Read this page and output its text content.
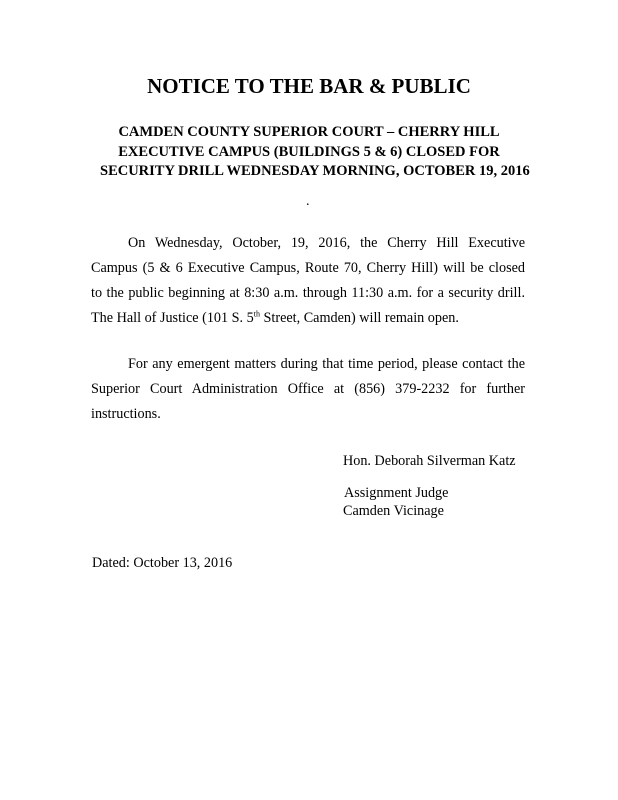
NOTICE TO THE BAR & PUBLIC
CAMDEN COUNTY SUPERIOR COURT – CHERRY HILL
EXECUTIVE CAMPUS (BUILDINGS 5 & 6) CLOSED FOR
SECURITY DRILL WEDNESDAY MORNING, OCTOBER 19, 2016
.
On Wednesday, October, 19, 2016, the Cherry Hill Executive
Campus (5 & 6 Executive Campus, Route 70, Cherry Hill) will be closed
to the public beginning at 8:30 a.m. through 11:30 a.m. for a security drill.
The Hall of Justice (101 S. 5th Street, Camden) will remain open.
For any emergent matters during that time period, please contact the
Superior Court Administration Office at (856) 379-2232 for further
instructions.

Hon. Deborah Silverman Katz

Assignment Judge

Camden Vicinage

Dated: October 13, 2016
